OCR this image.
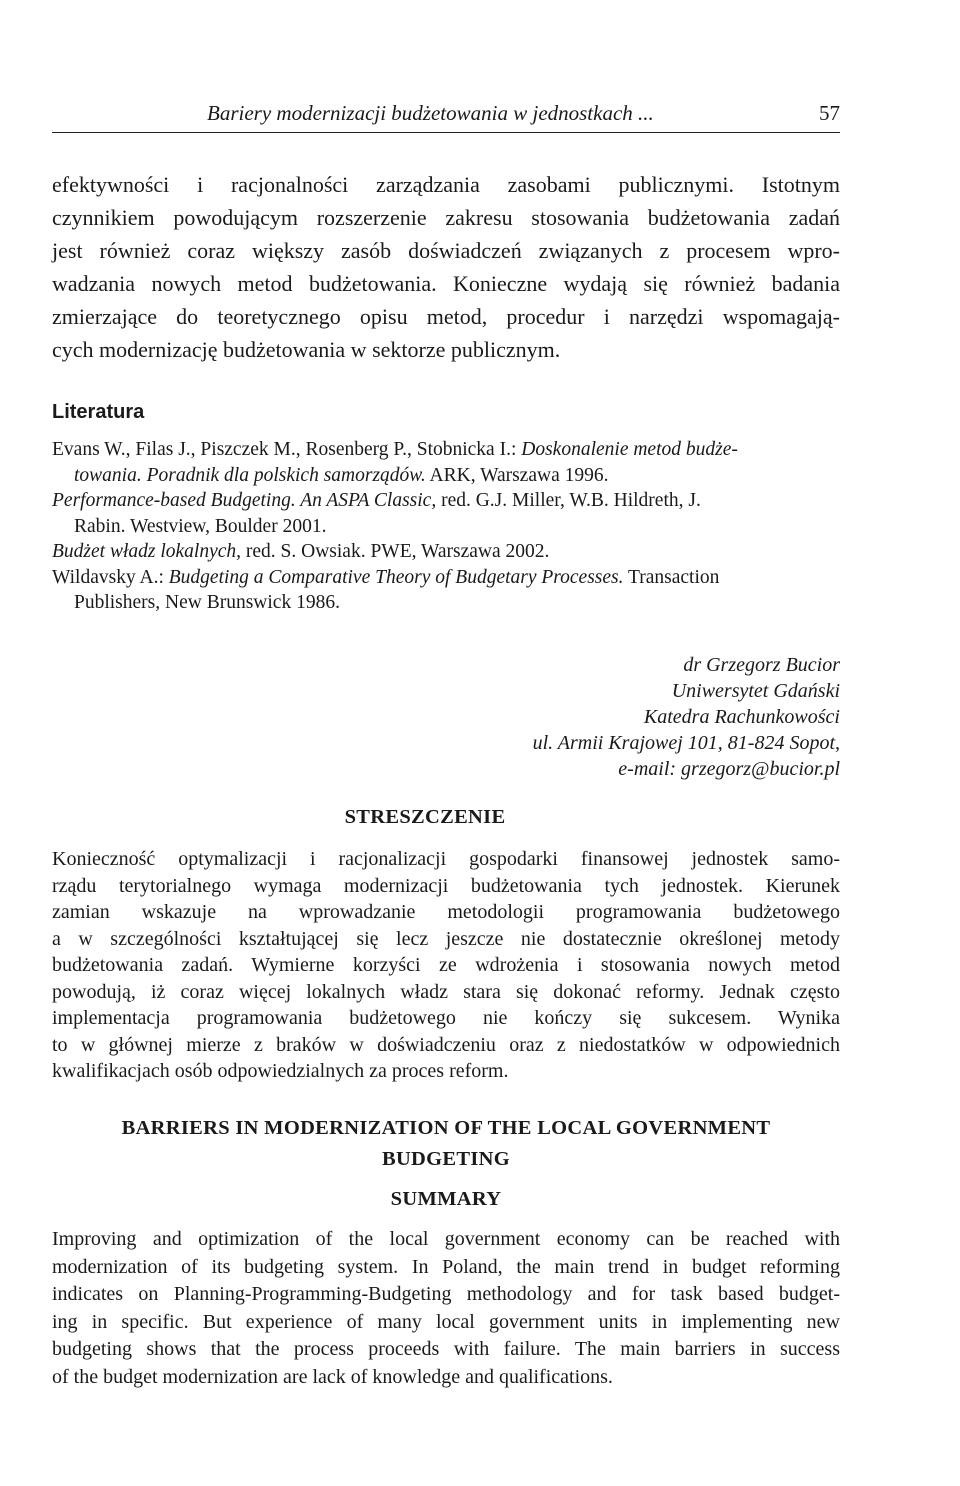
Bariery modernizacji budżetowania w jednostkach ...	57
efektywności i racjonalności zarządzania zasobami publicznymi. Istotnym
czynnikiem powodującym rozszerzenie zakresu stosowania budżetowania zadań
jest również coraz większy zasób doświadczeń związanych z procesem wpro-
wadzania nowych metod budżetowania. Konieczne wydają się również badania
zmierzające do teoretycznego opisu metod, procedur i narzędzi wspomagają-
cych modernizację budżetowania w sektorze publicznym.
Literatura
Evans W., Filas J., Piszczek M., Rosenberg P., Stobnicka I.: Doskonalenie metod budże-
towania. Poradnik dla polskich samorządów. ARK, Warszawa 1996.
Performance-based Budgeting. An ASPA Classic, red. G.J. Miller, W.B. Hildreth, J.
Rabin. Westview, Boulder 2001.
Budżet władz lokalnych, red. S. Owsiak. PWE, Warszawa 2002.
Wildavsky A.: Budgeting a Comparative Theory of Budgetary Processes. Transaction
Publishers, New Brunswick 1986.
dr Grzegorz Bucior
Uniwersytet Gdański
Katedra Rachunkowości
ul. Armii Krajowej 101, 81-824 Sopot,
e-mail: grzegorz@bucior.pl
STRESZCZENIE
Konieczność optymalizacji i racjonalizacji gospodarki finansowej jednostek samo-
rządu terytorialnego wymaga modernizacji budżetowania tych jednostek. Kierunek
zamian wskazuje na wprowadzanie metodologii programowania budżetowego
a w szczególności kształtującej się lecz jeszcze nie dostatecznie określonej metody
budżetowania zadań. Wymierne korzyści ze wdrożenia i stosowania nowych metod
powodują, iż coraz więcej lokalnych władz stara się dokonać reformy. Jednak często
implementacja programowania budżetowego nie kończy się sukcesem. Wynika
to w głównej mierze z braków w doświadczeniu oraz z niedostatków w odpowiednich
kwalifikacjach osób odpowiedzialnych za proces reform.
BARRIERS IN MODERNIZATION OF THE LOCAL GOVERNMENT
BUDGETING
SUMMARY
Improving and optimization of the local government economy can be reached with
modernization of its budgeting system. In Poland, the main trend in budget reforming
indicates on Planning-Programming-Budgeting methodology and for task based budget-
ing in specific. But experience of many local government units in implementing new
budgeting shows that the process proceeds with failure. The main barriers in success
of the budget modernization are lack of knowledge and qualifications.
